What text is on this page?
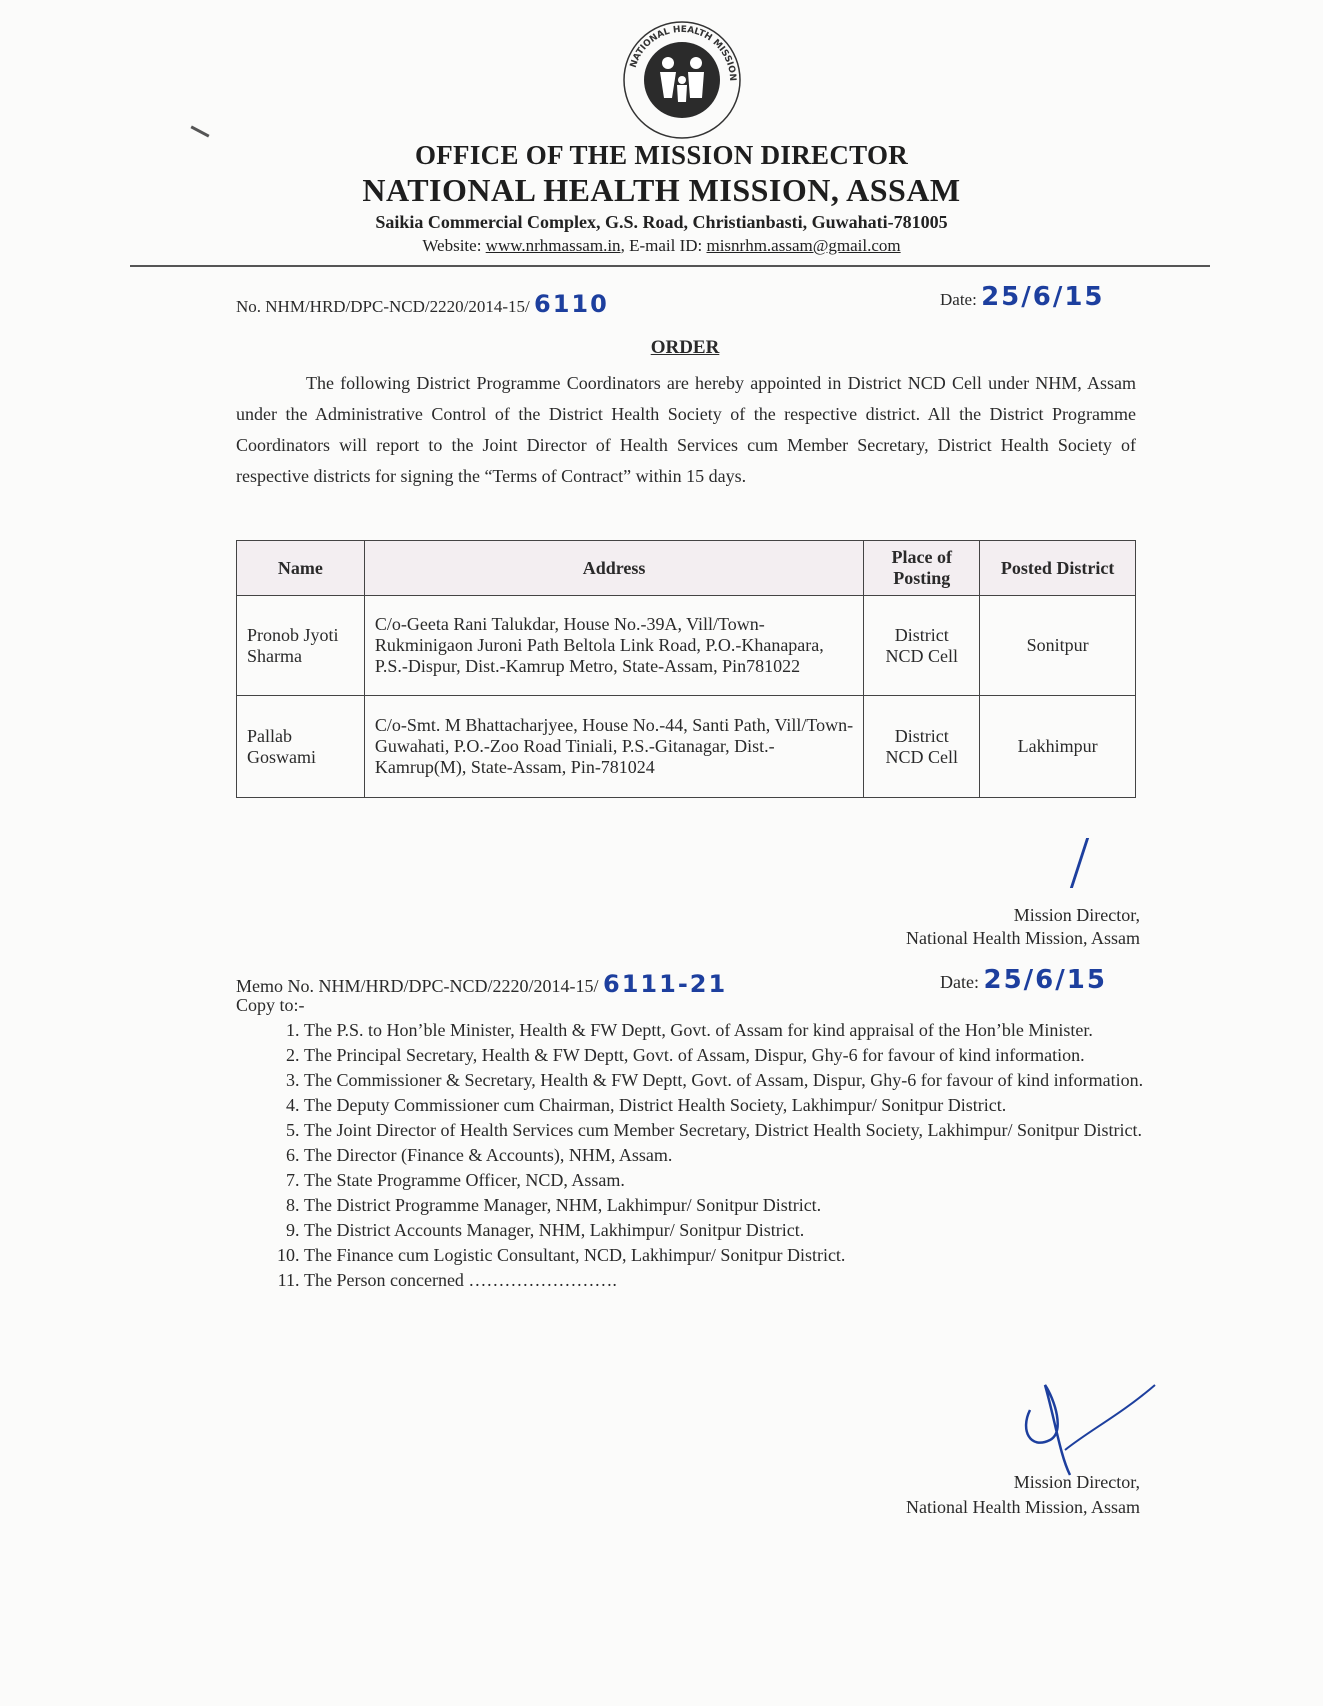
NATIONAL HEALTH MISSION
OFFICE OF THE MISSION DIRECTOR
NATIONAL HEALTH MISSION, ASSAM
Saikia Commercial Complex, G.S. Road, Christianbasti, Guwahati-781005
Website: www.nrhmassam.in, E-mail ID: misnrhm.assam@gmail.com
No. NHM/HRD/DPC-NCD/2220/2014-15/ 6110	Date: 25/6/15
ORDER
The following District Programme Coordinators are hereby appointed in District NCD Cell under NHM, Assam under the Administrative Control of the District Health Society of the respective district. All the District Programme Coordinators will report to the Joint Director of Health Services cum Member Secretary, District Health Society of respective districts for signing the “Terms of Contract” within 15 days.
Name	Address	Place of Posting	Posted District
Pronob Jyoti Sharma	C/o-Geeta Rani Talukdar, House No.-39A, Vill/Town-Rukminigaon Juroni Path Beltola Link Road, P.O.-Khanapara, P.S.-Dispur, Dist.-Kamrup Metro, State-Assam, Pin781022	District NCD Cell	Sonitpur
Pallab Goswami	C/o-Smt. M Bhattacharjyee, House No.-44, Santi Path, Vill/Town-Guwahati, P.O.-Zoo Road Tiniali, P.S.-Gitanagar, Dist.-Kamrup(M), State-Assam, Pin-781024	District NCD Cell	Lakhimpur
Mission Director,
National Health Mission, Assam
Memo No. NHM/HRD/DPC-NCD/2220/2014-15/ 6111-21	Date: 25/6/15
Copy to:-
1. The P.S. to Hon’ble Minister, Health & FW Deptt, Govt. of Assam for kind appraisal of the Hon’ble Minister.
2. The Principal Secretary, Health & FW Deptt, Govt. of Assam, Dispur, Ghy-6 for favour of kind information.
3. The Commissioner & Secretary, Health & FW Deptt, Govt. of Assam, Dispur, Ghy-6 for favour of kind information.
4. The Deputy Commissioner cum Chairman, District Health Society, Lakhimpur/ Sonitpur District.
5. The Joint Director of Health Services cum Member Secretary, District Health Society, Lakhimpur/ Sonitpur District.
6. The Director (Finance & Accounts), NHM, Assam.
7. The State Programme Officer, NCD, Assam.
8. The District Programme Manager, NHM, Lakhimpur/ Sonitpur District.
9. The District Accounts Manager, NHM, Lakhimpur/ Sonitpur District.
10. The Finance cum Logistic Consultant, NCD, Lakhimpur/ Sonitpur District.
11. The Person concerned …………………….
Mission Director,
National Health Mission, Assam
